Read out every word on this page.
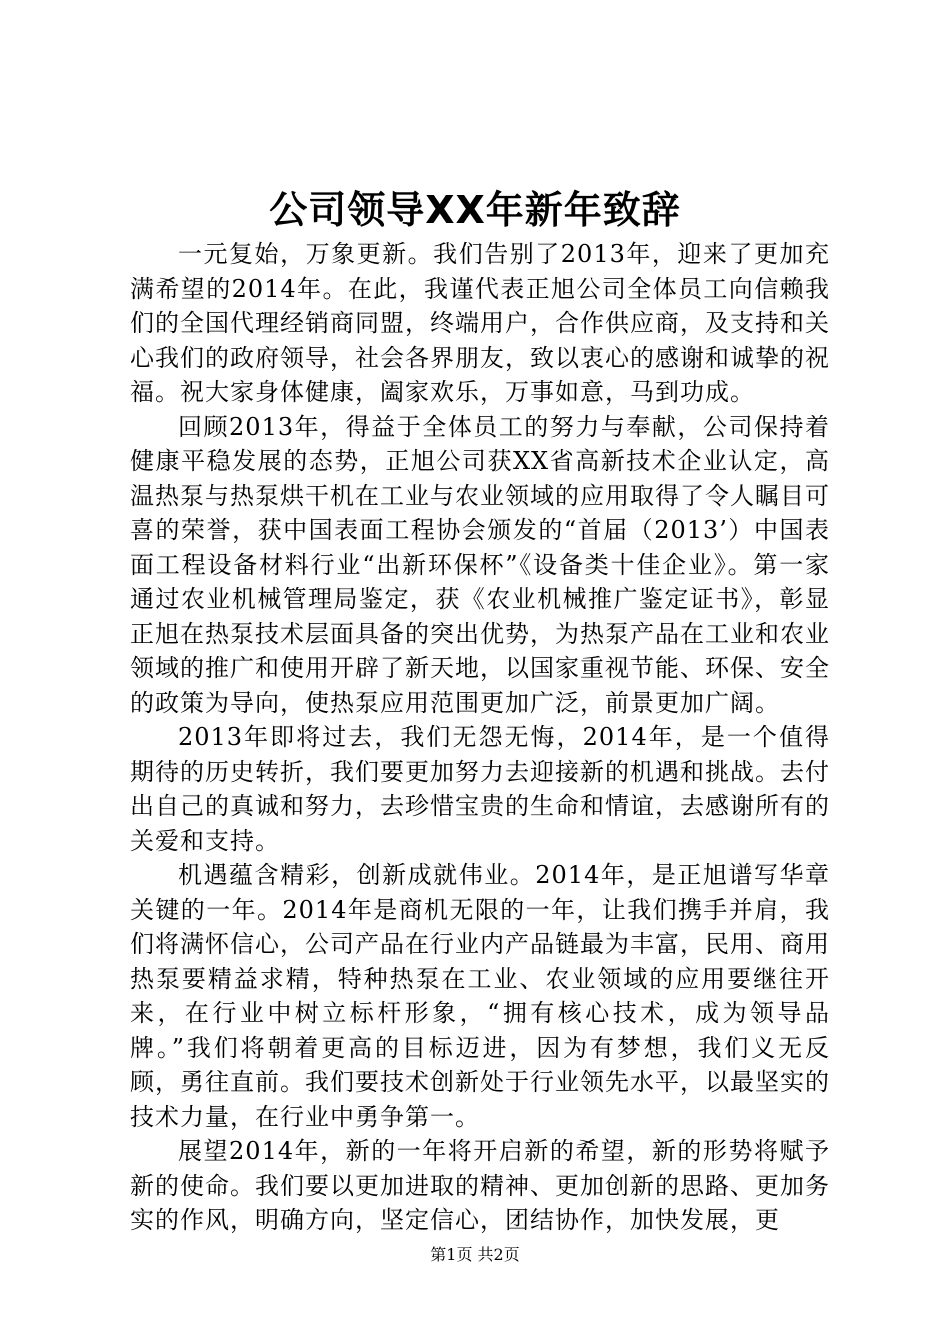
公司领导XX年新年致辞

一元复始，万象更新。我们告别了2013年，迎来了更加充满希望的2014年。在此，我谨代表正旭公司全体员工向信赖我们的全国代理经销商同盟，终端用户，合作供应商，及支持和关心我们的政府领导，社会各界朋友，致以衷心的感谢和诚挚的祝福。祝大家身体健康，阖家欢乐，万事如意，马到功成。

回顾2013年，得益于全体员工的努力与奉献，公司保持着健康平稳发展的态势，正旭公司获XX省高新技术企业认定，高温热泵与热泵烘干机在工业与农业领域的应用取得了令人瞩目可喜的荣誉，获中国表面工程协会颁发的“首届（2013’）中国表面工程设备材料行业“出新环保杯”《设备类十佳企业》。第一家通过农业机械管理局鉴定，获《农业机械推广鉴定证书》，彰显正旭在热泵技术层面具备的突出优势，为热泵产品在工业和农业领域的推广和使用开辟了新天地，以国家重视节能、环保、安全的政策为导向，使热泵应用范围更加广泛，前景更加广阔。

2013年即将过去，我们无怨无悔，2014年，是一个值得期待的历史转折，我们要更加努力去迎接新的机遇和挑战。去付出自己的真诚和努力，去珍惜宝贵的生命和情谊，去感谢所有的关爱和支持。

机遇蕴含精彩，创新成就伟业。2014年，是正旭谱写华章关键的一年。2014年是商机无限的一年，让我们携手并肩，我们将满怀信心，公司产品在行业内产品链最为丰富，民用、商用热泵要精益求精，特种热泵在工业、农业领域的应用要继往开来，在行业中树立标杆形象，“拥有核心技术，成为领导品牌。”我们将朝着更高的目标迈进，因为有梦想，我们义无反顾，勇往直前。我们要技术创新处于行业领先水平，以最坚实的技术力量，在行业中勇争第一。

展望2014年，新的一年将开启新的希望，新的形势将赋予新的使命。我们要以更加进取的精神、更加创新的思路、更加务实的作风，明确方向，坚定信心，团结协作，加快发展，更

第1页 共2页
